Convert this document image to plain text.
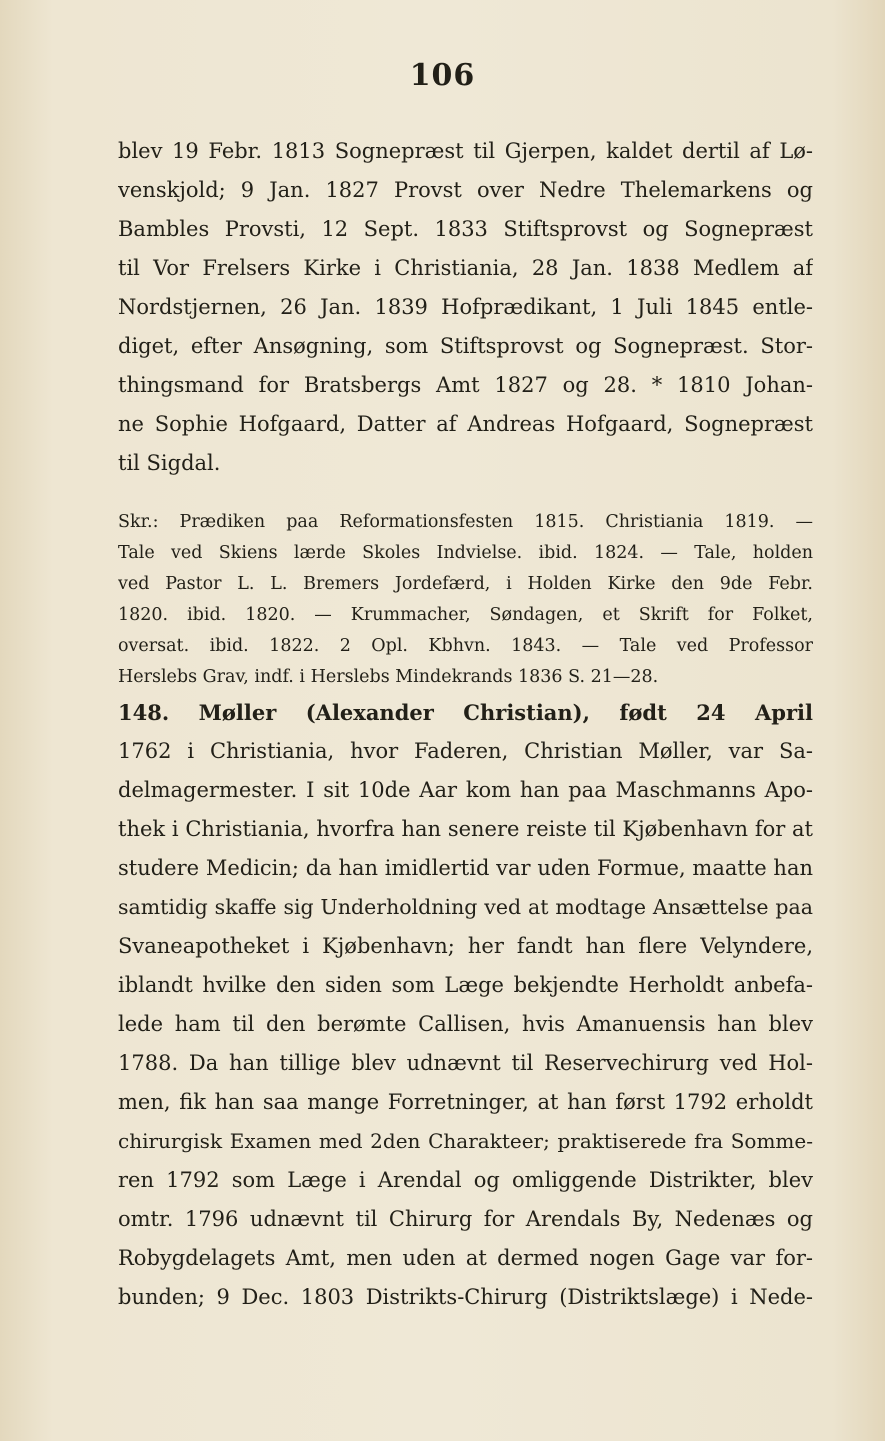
106
blev 19 Febr. 1813 Sognepræst til Gjerpen, kaldet dertil af Lø-
venskjold; 9 Jan. 1827 Provst over Nedre Thelemarkens og
Bambles Provsti, 12 Sept. 1833 Stiftsprovst og Sognepræst
til Vor Frelsers Kirke i Christiania, 28 Jan. 1838 Medlem af
Nordstjernen, 26 Jan. 1839 Hofprædikant, 1 Juli 1845 entle-
diget, efter Ansøgning, som Stiftsprovst og Sognepræst. Stor-
thingsmand for Bratsbergs Amt 1827 og 28. * 1810 Johan-
ne Sophie Hofgaard, Datter af Andreas Hofgaard, Sognepræst
til Sigdal.
Skr.: Prædiken paa Reformationsfesten 1815. Christiania 1819. —
Tale ved Skiens lærde Skoles Indvielse. ibid. 1824. — Tale, holden
ved Pastor L. L. Bremers Jordefærd, i Holden Kirke den 9de Febr.
1820. ibid. 1820. — Krummacher, Søndagen, et Skrift for Folket,
oversat. ibid. 1822. 2 Opl. Kbhvn. 1843. — Tale ved Professor
Herslebs Grav, indf. i Herslebs Mindekrands 1836 S. 21—28.
148. Møller (Alexander Christian), født 24 April
1762 i Christiania, hvor Faderen, Christian Møller, var Sa-
delmagermester. I sit 10de Aar kom han paa Maschmanns Apo-
thek i Christiania, hvorfra han senere reiste til Kjøbenhavn for at
studere Medicin; da han imidlertid var uden Formue, maatte han
samtidig skaffe sig Underholdning ved at modtage Ansættelse paa
Svaneapotheket i Kjøbenhavn; her fandt han flere Velyndere,
iblandt hvilke den siden som Læge bekjendte Herholdt anbefa-
lede ham til den berømte Callisen, hvis Amanuensis han blev
1788. Da han tillige blev udnævnt til Reservechirurg ved Hol-
men, fik han saa mange Forretninger, at han først 1792 erholdt
chirurgisk Examen med 2den Charakteer; praktiserede fra Somme-
ren 1792 som Læge i Arendal og omliggende Distrikter, blev
omtr. 1796 udnævnt til Chirurg for Arendals By, Nedenæs og
Robygdelagets Amt, men uden at dermed nogen Gage var for-
bunden; 9 Dec. 1803 Distrikts-Chirurg (Distriktslæge) i Nede-
